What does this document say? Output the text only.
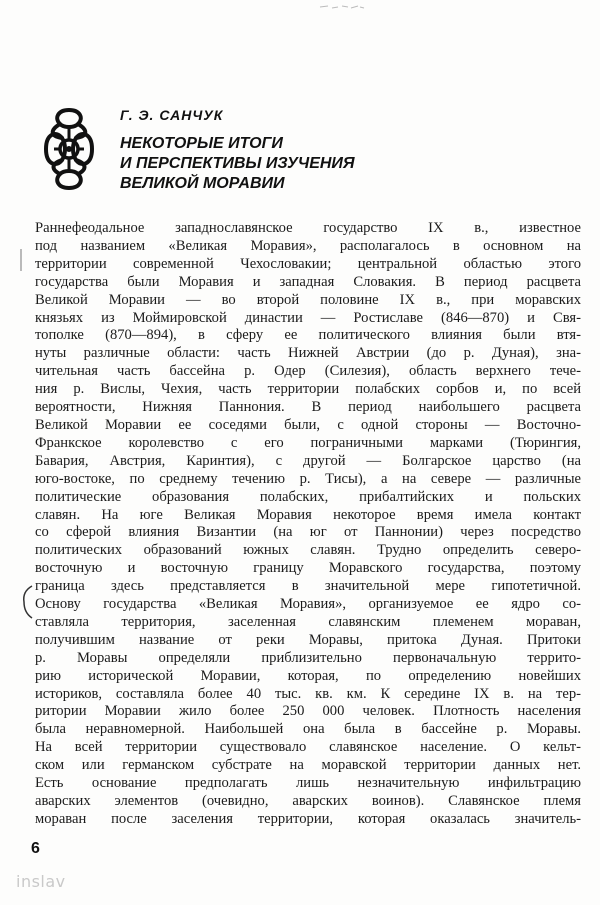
Г. Э. САНЧУК
НЕКОТОРЫЕ ИТОГИ
И ПЕРСПЕКТИВЫ ИЗУЧЕНИЯ
ВЕЛИКОЙ МОРАВИИ
Раннефеодальное западнославянское государство IX в., известное
под названием «Великая Моравия», располагалось в основном на
территории современной Чехословакии; центральной областью этого
государства были Моравия и западная Словакия. В период расцвета
Великой Моравии — во второй половине IX в., при моравских
князьях из Моймировской династии — Ростиславе (846—870) и Свя-
тополке (870—894), в сферу ее политического влияния были втя-
нуты различные области: часть Нижней Австрии (до р. Дуная), зна-
чительная часть бассейна р. Одер (Силезия), область верхнего тече-
ния р. Вислы, Чехия, часть территории полабских сорбов и, по всей
вероятности, Нижняя Паннония. В период наибольшего расцвета
Великой Моравии ее соседями были, с одной стороны — Восточно-
Франкское королевство с его пограничными марками (Тюрингия,
Бавария, Австрия, Каринтия), с другой — Болгарское царство (на
юго-востоке, по среднему течению р. Тисы), а на севере — различные
политические образования полабских, прибалтийских и польских
славян. На юге Великая Моравия некоторое время имела контакт
со сферой влияния Византии (на юг от Паннонии) через посредство
политических образований южных славян. Трудно определить северо-
восточную и восточную границу Моравского государства, поэтому
граница здесь представляется в значительной мере гипотетичной.
Основу государства «Великая Моравия», организуемое ее ядро со-
ставляла территория, заселенная славянским племенем мораван,
получившим название от реки Моравы, притока Дуная. Притоки
р. Моравы определяли приблизительно первоначальную террито-
рию исторической Моравии, которая, по определению новейших
историков, составляла более 40 тыс. кв. км. К середине IX в. на тер-
ритории Моравии жило более 250 000 человек. Плотность населения
была неравномерной. Наибольшей она была в бассейне р. Моравы.
На всей территории существовало славянское население. О кельт-
ском или германском субстрате на моравской территории данных нет.
Есть основание предполагать лишь незначительную инфильтрацию
аварских элементов (очевидно, аварских воинов). Славянское племя
мораван после заселения территории, которая оказалась значитель-
6
inslav
